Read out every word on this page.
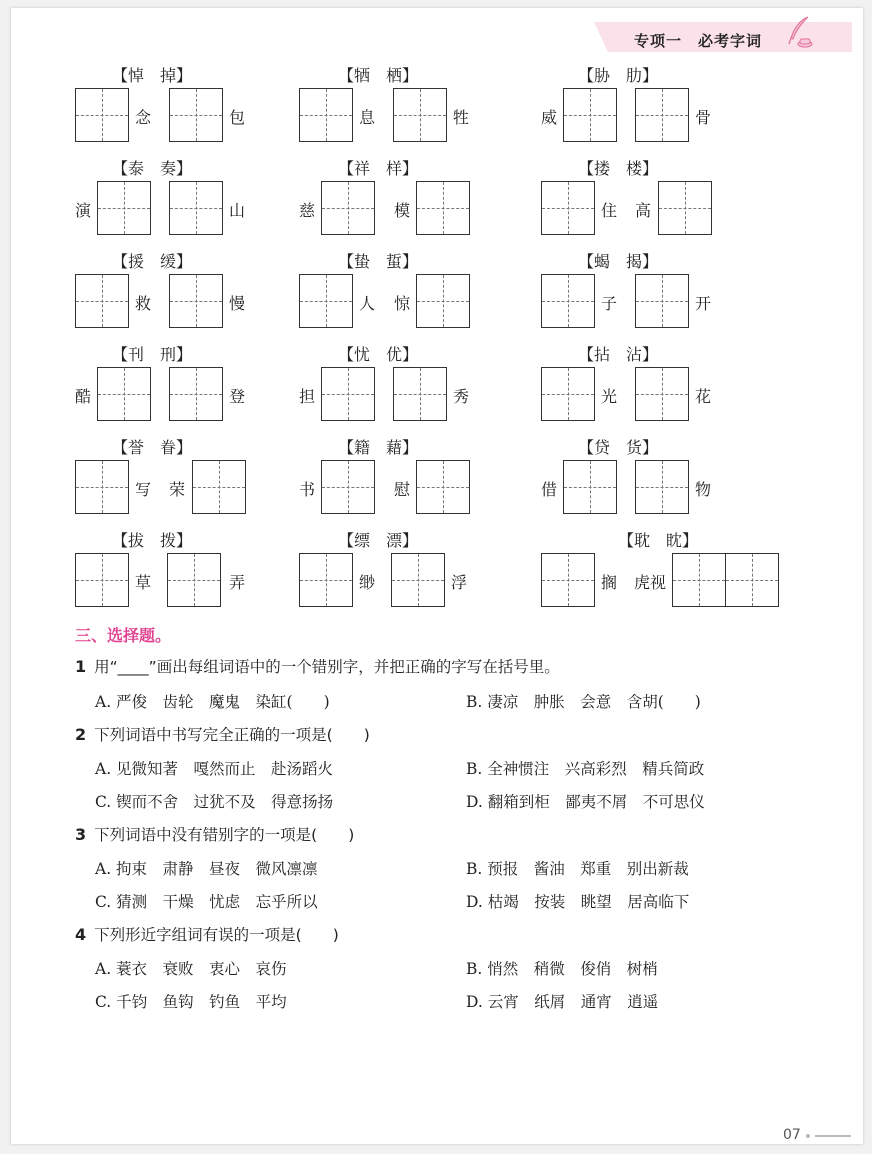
专项一　必考字词
【悼　掉】	【牺　栖】	【胁　肋】
念	包	息	牲	威	骨
【泰　奏】	【祥　样】	【搂　楼】
演	山	慈	模	住 高
【援　缓】	【蛰　蜇】	【蝎　揭】
救	慢	人 惊	子	开
【刊　刑】	【忧　优】	【拈　沾】
酷	登	担	秀	光	花
【誉　眷】	【籍　藉】	【贷　货】
写 荣	书	慰	借	物
【拔　拨】	【缥　漂】	【耽　眈】
草	弄	缈	浮	搁 虎视
三、选择题。
1 用“____”画出每组词语中的一个错别字，并把正确的字写在括号里。
A. 严俊　齿轮　魔鬼　染缸(　　)	B. 凄凉　肿胀　会意　含胡(　　)
2 下列词语中书写完全正确的一项是(　　)
A. 见微知著　嘎然而止　赴汤蹈火	B. 全神惯注　兴高彩烈　精兵简政
C. 锲而不舍　过犹不及　得意扬扬	D. 翻箱到柜　鄙夷不屑　不可思仪
3 下列词语中没有错别字的一项是(　　)
A. 拘束　肃静　昼夜　微风凛凛	B. 预报　酱油　郑重　别出新裁
C. 猜测　干燥　忧虑　忘乎所以	D. 枯竭　按装　眺望　居高临下
4 下列形近字组词有误的一项是(　　)
A. 蓑衣　衰败　衷心　哀伤	B. 悄然　稍微　俊俏　树梢
C. 千钧　鱼钩　钓鱼　平均	D. 云宵　纸屑　通宵　逍遥
07
